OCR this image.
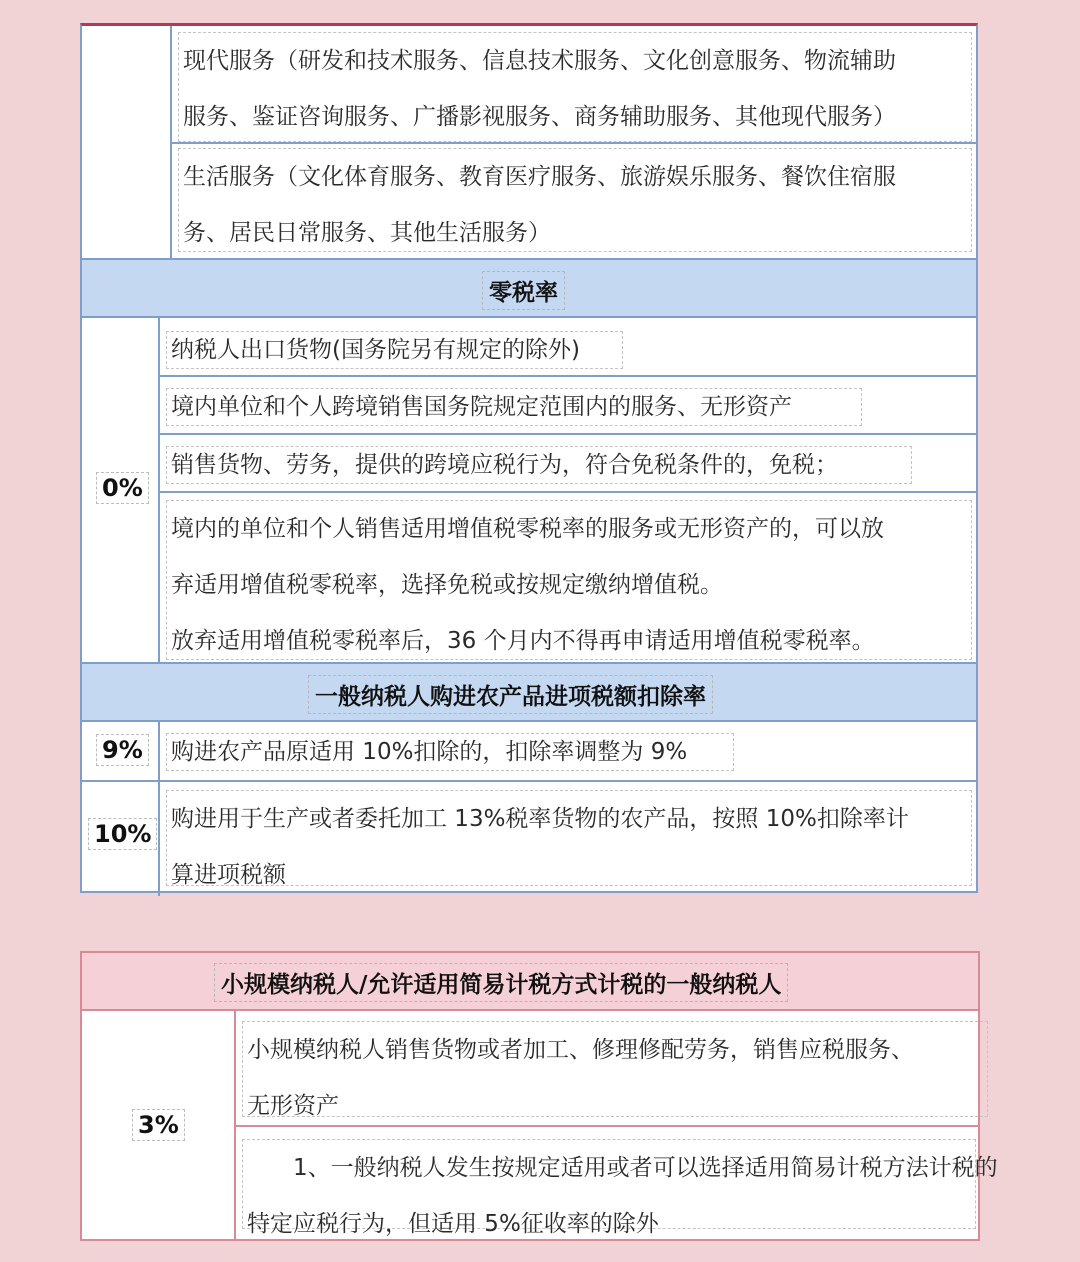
现代服务（研发和技术服务、信息技术服务、文化创意服务、物流辅助
服务、鉴证咨询服务、广播影视服务、商务辅助服务、其他现代服务）
生活服务（文化体育服务、教育医疗服务、旅游娱乐服务、餐饮住宿服
务、居民日常服务、其他生活服务）
零税率
0%
纳税人出口货物(国务院另有规定的除外)
境内单位和个人跨境销售国务院规定范围内的服务、无形资产
销售货物、劳务，提供的跨境应税行为，符合免税条件的，免税；
境内的单位和个人销售适用增值税零税率的服务或无形资产的，可以放
弃适用增值税零税率，选择免税或按规定缴纳增值税。
放弃适用增值税零税率后，36 个月内不得再申请适用增值税零税率。
一般纳税人购进农产品进项税额扣除率
9% 购进农产品原适用 10%扣除的，扣除率调整为 9%
10%
购进用于生产或者委托加工 13%税率货物的农产品，按照 10%扣除率计
算进项税额
小规模纳税人/允许适用简易计税方式计税的一般纳税人
3%
小规模纳税人销售货物或者加工、修理修配劳务，销售应税服务、
无形资产
　　1、一般纳税人发生按规定适用或者可以选择适用简易计税方法计税的
特定应税行为，但适用 5%征收率的除外
